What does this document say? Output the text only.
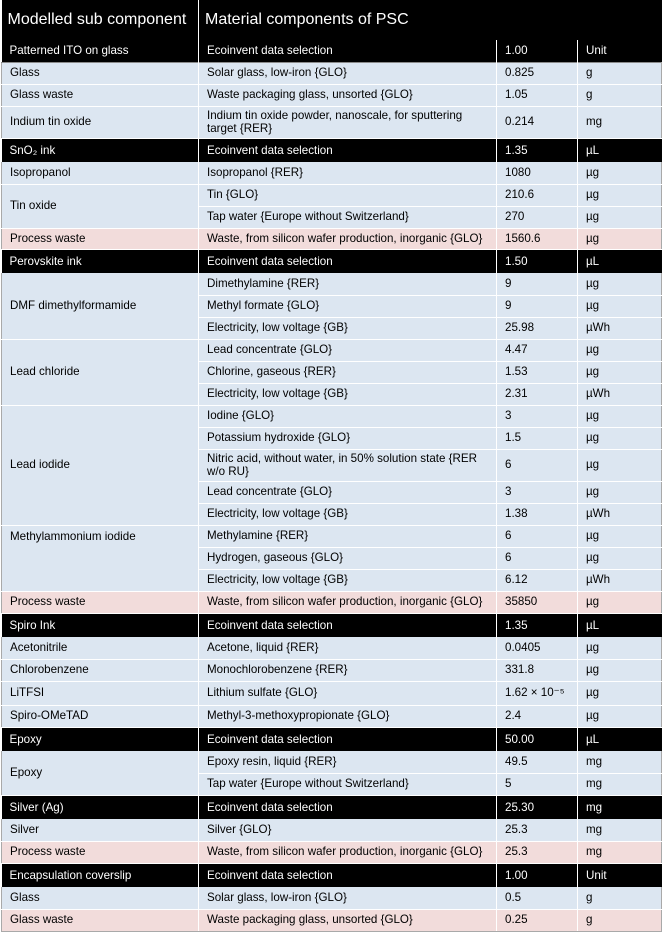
Modelled sub component	Material components of PSC		
Patterned ITO on glass	Ecoinvent data selection	1.00	Unit
Glass	Solar glass, low-iron {GLO}	0.825	g
Glass waste	Waste packaging glass, unsorted {GLO}	1.05	g
Indium tin oxide	Indium tin oxide powder, nanoscale, for sputtering target {RER}	0.214	mg
SnO₂ ink	Ecoinvent data selection	1.35	µL
Isopropanol	Isopropanol {RER}	1080	µg
Tin oxide	Tin {GLO}	210.6	µg
	Tap water {Europe without Switzerland}	270	µg
Process waste	Waste, from silicon wafer production, inorganic {GLO}	1560.6	µg
Perovskite ink	Ecoinvent data selection	1.50	µL
DMF dimethylformamide	Dimethylamine {RER}	9	µg
	Methyl formate {GLO}	9	µg
	Electricity, low voltage {GB}	25.98	µWh
Lead chloride	Lead concentrate {GLO}	4.47	µg
	Chlorine, gaseous {RER}	1.53	µg
	Electricity, low voltage {GB}	2.31	µWh
Lead iodide	Iodine {GLO}	3	µg
	Potassium hydroxide {GLO}	1.5	µg
	Nitric acid, without water, in 50% solution state {RER w/o RU}	6	µg
	Lead concentrate {GLO}	3	µg
	Electricity, low voltage {GB}	1.38	µWh
Methylammonium iodide	Methylamine {RER}	6	µg
	Hydrogen, gaseous {GLO}	6	µg
	Electricity, low voltage {GB}	6.12	µWh
Process waste	Waste, from silicon wafer production, inorganic {GLO}	35850	µg
Spiro Ink	Ecoinvent data selection	1.35	µL
Acetonitrile	Acetone, liquid {RER}	0.0405	µg
Chlorobenzene	Monochlorobenzene {RER}	331.8	µg
LiTFSI	Lithium sulfate {GLO}	1.62 × 10⁻⁵	µg
Spiro-OMeTAD	Methyl-3-methoxypropionate {GLO}	2.4	µg
Epoxy	Ecoinvent data selection	50.00	µL
Epoxy	Epoxy resin, liquid {RER}	49.5	mg
	Tap water {Europe without Switzerland}	5	mg
Silver (Ag)	Ecoinvent data selection	25.30	mg
Silver	Silver {GLO}	25.3	mg
Process waste	Waste, from silicon wafer production, inorganic {GLO}	25.3	mg
Encapsulation coverslip	Ecoinvent data selection	1.00	Unit
Glass	Solar glass, low-iron {GLO}	0.5	g
Glass waste	Waste packaging glass, unsorted {GLO}	0.25	g
